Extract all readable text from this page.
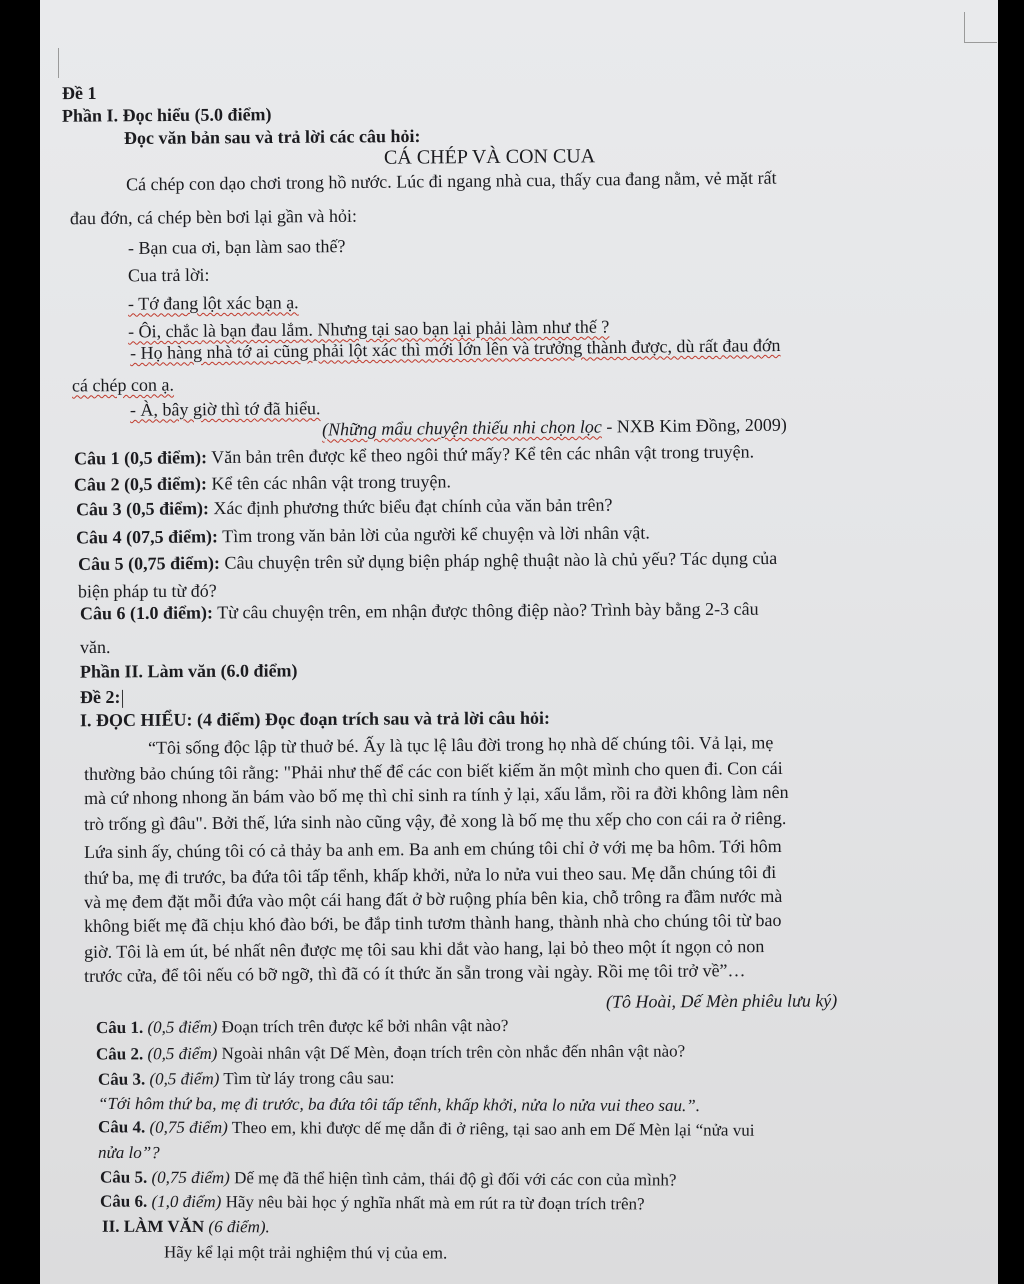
Đề 1

Phần I. Đọc hiểu (5.0 điểm)

Đọc văn bản sau và trả lời các câu hỏi:

CÁ CHÉP VÀ CON CUA

Cá chép con dạo chơi trong hồ nước. Lúc đi ngang nhà cua, thấy cua đang nằm, vẻ mặt rất

đau đớn, cá chép bèn bơi lại gần và hỏi:

- Bạn cua ơi, bạn làm sao thế?

Cua trả lời:

- Tớ đang lột xác bạn ạ.

- Ôi, chắc là bạn đau lắm. Nhưng tại sao bạn lại phải làm như thế ?

- Họ hàng nhà tớ ai cũng phải lột xác thì mới lớn lên và trưởng thành được, dù rất đau đớn

cá chép con ạ.

- À, bây giờ thì tớ đã hiểu.

(Những mẩu chuyện thiếu nhi chọn lọc - NXB Kim Đồng, 2009)

Câu 1 (0,5 điểm): Văn bản trên được kể theo ngôi thứ mấy? Kể tên các nhân vật trong truyện.

Câu 2 (0,5 điểm): Kể tên các nhân vật trong truyện.

Câu 3 (0,5 điểm): Xác định phương thức biểu đạt chính của văn bản trên?

Câu 4 (07,5 điểm): Tìm trong văn bản lời của người kể chuyện và lời nhân vật.

Câu 5 (0,75 điểm): Câu chuyện trên sử dụng biện pháp nghệ thuật nào là chủ yếu? Tác dụng của

biện pháp tu từ đó?

Câu 6 (1.0 điểm): Từ câu chuyện trên, em nhận được thông điệp nào? Trình bày bằng 2-3 câu

văn.

Phần II. Làm văn (6.0 điểm)

Đề 2:

I. ĐỌC HIỂU: (4 điểm) Đọc đoạn trích sau và trả lời câu hỏi:

“Tôi sống độc lập từ thuở bé. Ấy là tục lệ lâu đời trong họ nhà dế chúng tôi. Vả lại, mẹ

thường bảo chúng tôi rằng: "Phải như thế để các con biết kiếm ăn một mình cho quen đi. Con cái

mà cứ nhong nhong ăn bám vào bố mẹ thì chỉ sinh ra tính ỷ lại, xấu lắm, rồi ra đời không làm nên

trò trống gì đâu". Bởi thế, lứa sinh nào cũng vậy, đẻ xong là bố mẹ thu xếp cho con cái ra ở riêng.

Lứa sinh ấy, chúng tôi có cả thảy ba anh em. Ba anh em chúng tôi chỉ ở với mẹ ba hôm. Tới hôm

thứ ba, mẹ đi trước, ba đứa tôi tấp tểnh, khấp khởi, nửa lo nửa vui theo sau. Mẹ dẫn chúng tôi đi

và mẹ đem đặt mỗi đứa vào một cái hang đất ở bờ ruộng phía bên kia, chỗ trông ra đầm nước mà

không biết mẹ đã chịu khó đào bới, be đắp tinh tươm thành hang, thành nhà cho chúng tôi từ bao

giờ. Tôi là em út, bé nhất nên được mẹ tôi sau khi dắt vào hang, lại bỏ theo một ít ngọn cỏ non

trước cửa, để tôi nếu có bỡ ngỡ, thì đã có ít thức ăn sẵn trong vài ngày. Rồi mẹ tôi trở về”…

(Tô Hoài, Dế Mèn phiêu lưu ký)

Câu 1. (0,5 điểm) Đoạn trích trên được kể bởi nhân vật nào?

Câu 2. (0,5 điểm) Ngoài nhân vật Dế Mèn, đoạn trích trên còn nhắc đến nhân vật nào?

Câu 3. (0,5 điểm) Tìm từ láy trong câu sau:

“Tới hôm thứ ba, mẹ đi trước, ba đứa tôi tấp tểnh, khấp khởi, nửa lo nửa vui theo sau.”.

Câu 4. (0,75 điểm) Theo em, khi được dế mẹ dẫn đi ở riêng, tại sao anh em Dế Mèn lại “nửa vui

nửa lo”?

Câu 5. (0,75 điểm) Dế mẹ đã thể hiện tình cảm, thái độ gì đối với các con của mình?

Câu 6. (1,0 điểm) Hãy nêu bài học ý nghĩa nhất mà em rút ra từ đoạn trích trên?

II. LÀM VĂN (6 điểm).

Hãy kể lại một trải nghiệm thú vị của em.
